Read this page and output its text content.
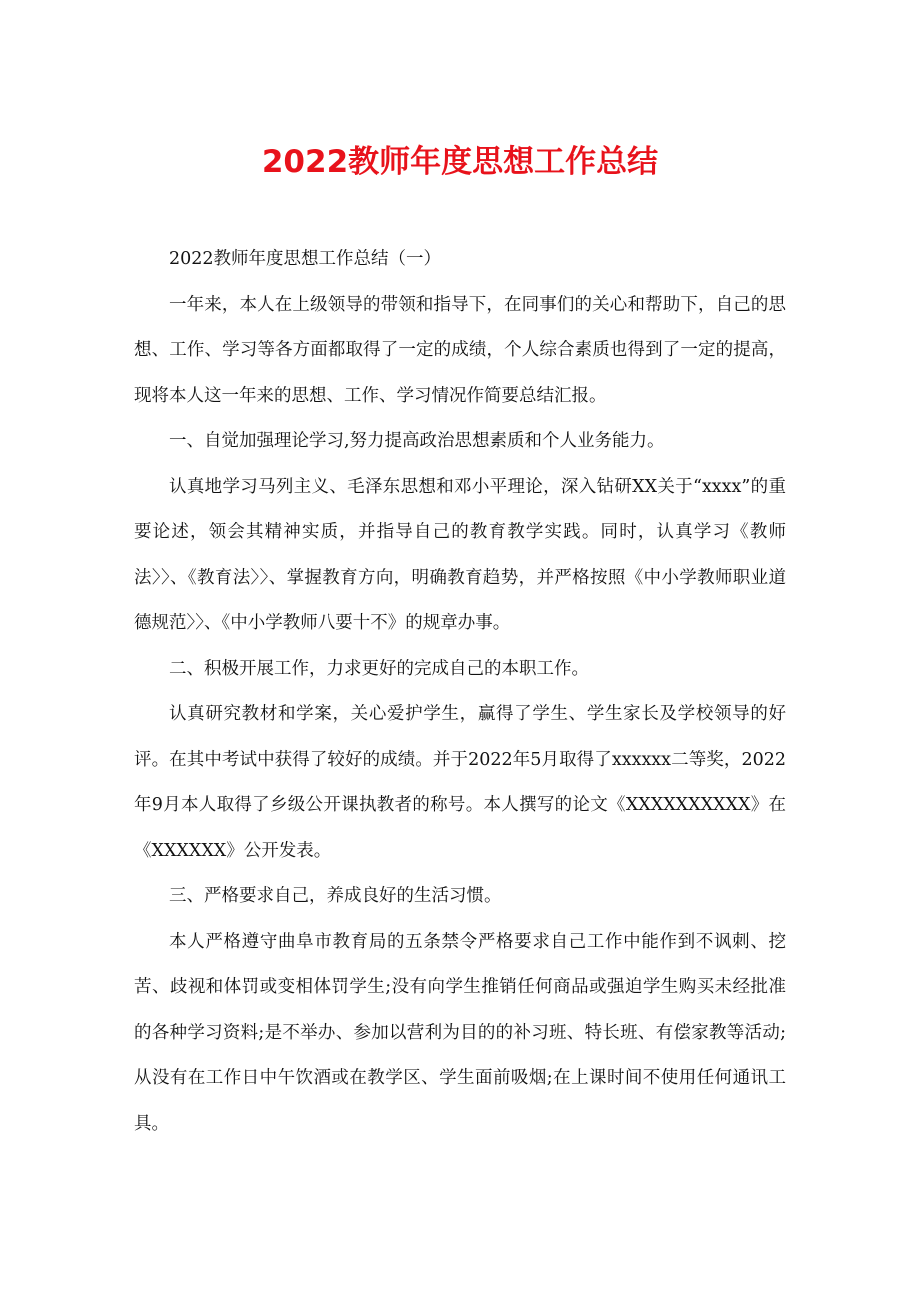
2022教师年度思想工作总结

2022教师年度思想工作总结（一）

一年来，本人在上级领导的带领和指导下，在同事们的关心和帮助下，自己的思想、工作、学习等各方面都取得了一定的成绩，个人综合素质也得到了一定的提高，现将本人这一年来的思想、工作、学习情况作简要总结汇报。

一、自觉加强理论学习,努力提高政治思想素质和个人业务能力。

认真地学习马列主义、毛泽东思想和邓小平理论，深入钻研XX关于“xxxx”的重要论述，领会其精神实质，并指导自己的教育教学实践。同时，认真学习《教师法〉〉、《教育法〉〉、掌握教育方向，明确教育趋势，并严格按照《中小学教师职业道德规范〉〉、《中小学教师八要十不》的规章办事。

二、积极开展工作，力求更好的完成自己的本职工作。

认真研究教材和学案，关心爱护学生，赢得了学生、学生家长及学校领导的好评。在其中考试中获得了较好的成绩。并于2022年5月取得了xxxxxx二等奖，2022年9月本人取得了乡级公开课执教者的称号。本人撰写的论文《XXXXXXXXXX》在《XXXXXX》公开发表。

三、严格要求自己，养成良好的生活习惯。

本人严格遵守曲阜市教育局的五条禁令严格要求自己工作中能作到不讽刺、挖苦、歧视和体罚或变相体罚学生;没有向学生推销任何商品或强迫学生购买未经批准的各种学习资料;是不举办、参加以营利为目的的补习班、特长班、有偿家教等活动;从没有在工作日中午饮酒或在教学区、学生面前吸烟;在上课时间不使用任何通讯工具。
